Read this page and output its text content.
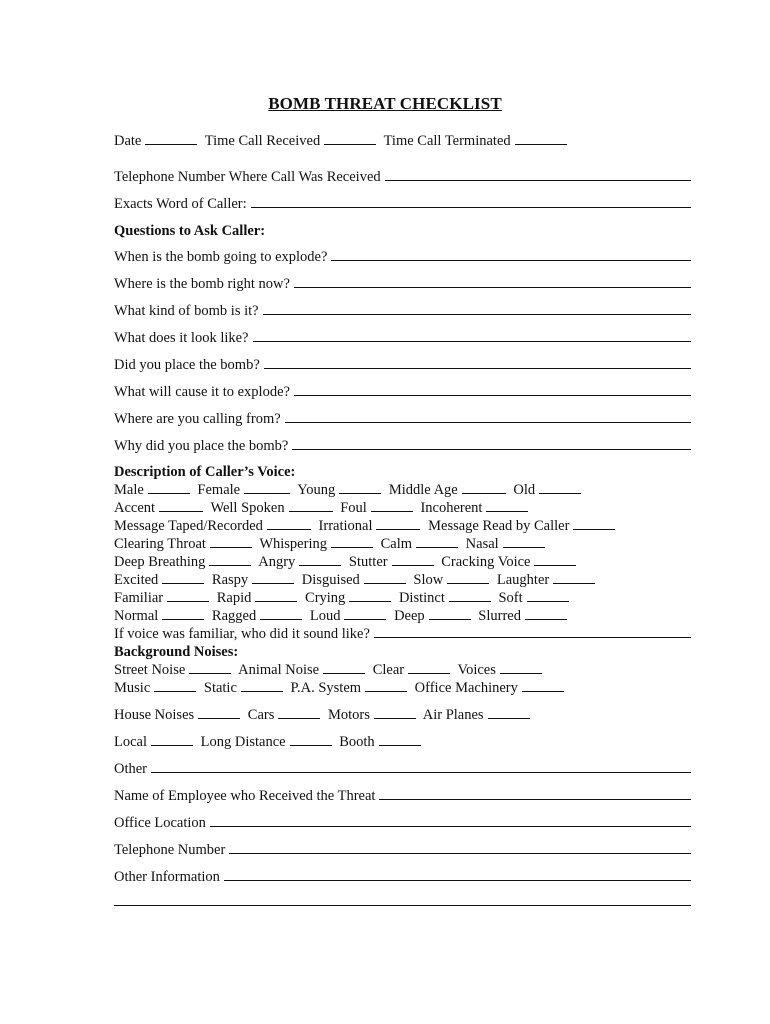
BOMB THREAT CHECKLIST
Date	Time Call Received	Time Call Terminated
Telephone Number Where Call Was Received
Exacts Word of Caller:
Questions to Ask Caller:
When is the bomb going to explode?
Where is the bomb right now?
What kind of bomb is it?
What does it look like?
Did you place the bomb?
What will cause it to explode?
Where are you calling from?
Why did you place the bomb?
Description of Caller’s Voice:
Male	Female	Young	Middle Age	Old
Accent	Well Spoken	Foul	Incoherent
Message Taped/Recorded	Irrational	Message Read by Caller
Clearing Throat	Whispering	Calm	Nasal
Deep Breathing	Angry	Stutter	Cracking Voice
Excited	Raspy	Disguised	Slow	Laughter
Familiar	Rapid	Crying	Distinct	Soft
Normal	Ragged	Loud	Deep	Slurred
If voice was familiar, who did it sound like?
Background Noises:
Street Noise	Animal Noise	Clear	Voices
Music	Static	P.A. System	Office Machinery
House Noises	Cars	Motors	Air Planes
Local	Long Distance	Booth
Other
Name of Employee who Received the Threat
Office Location
Telephone Number
Other Information
